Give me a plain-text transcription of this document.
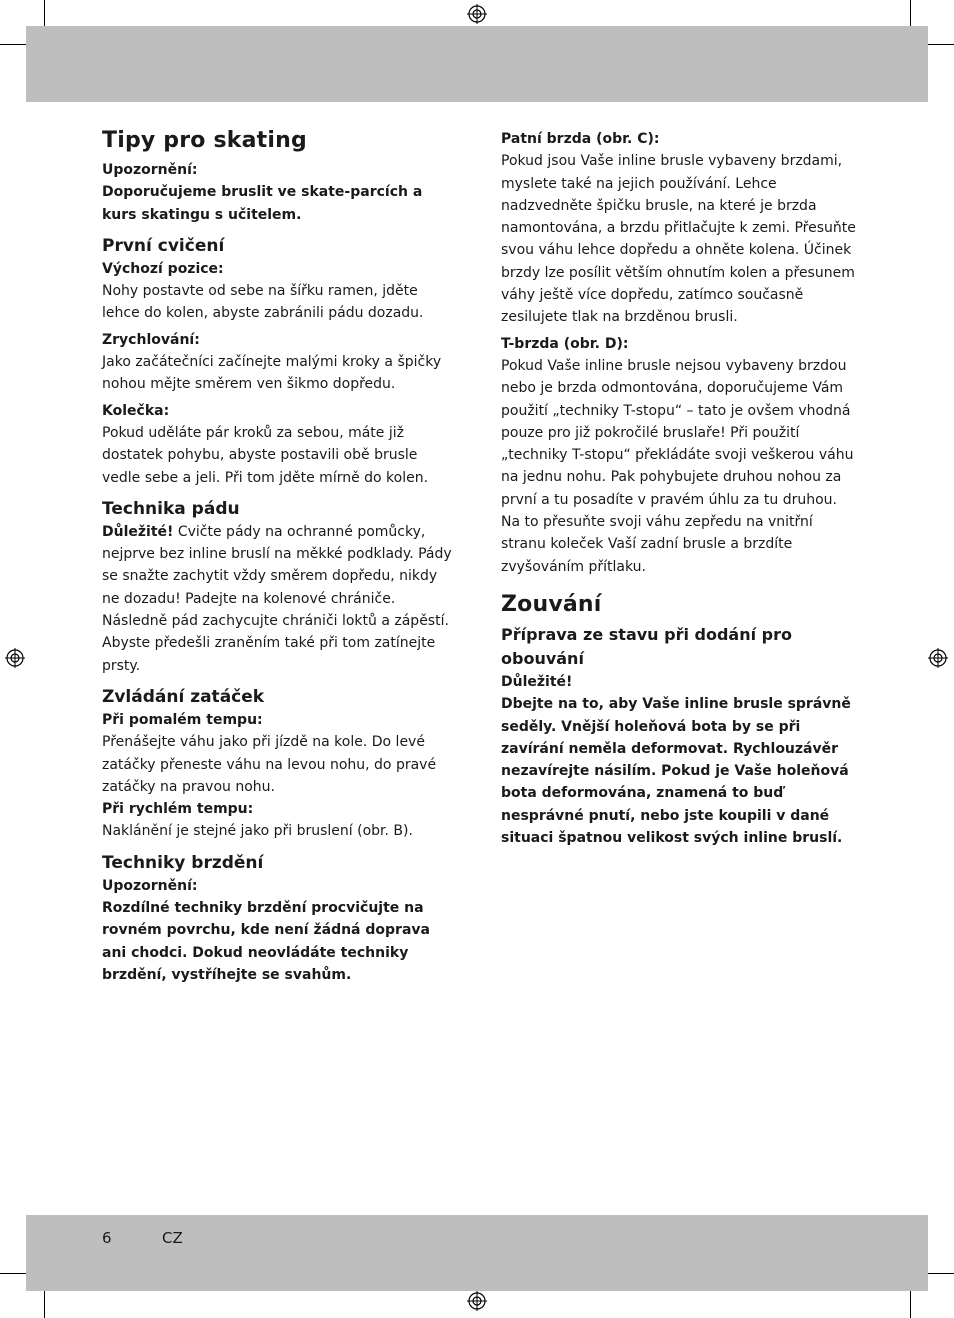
Tipy pro skating
Upozornění:
Doporučujeme bruslit ve skate-parcích a kurs skatingu s učitelem.
První cvičení
Výchozí pozice:
Nohy postavte od sebe na šířku ramen, jděte lehce do kolen, abyste zabránili pádu dozadu.
Zrychlování:
Jako začátečníci začínejte malými kroky a špičky nohou mějte směrem ven šikmo dopředu.
Kolečka:
Pokud uděláte pár kroků za sebou, máte již dostatek pohybu, abyste postavili obě brusle vedle sebe a jeli. Při tom jděte mírně do kolen.
Technika pádu
Důležité! Cvičte pády na ochranné pomůcky, nejprve bez inline bruslí na měkké podklady. Pády se snažte zachytit vždy směrem dopředu, nikdy ne dozadu! Padejte na kolenové chrániče. Následně pád zachycujte chrániči loktů a zápěstí. Abyste předešli zraněním také při tom zatínejte prsty.
Zvládání zatáček
Při pomalém tempu:
Přenášejte váhu jako při jízdě na kole. Do levé zatáčky přeneste váhu na levou nohu, do pravé zatáčky na pravou nohu.
Při rychlém tempu:
Naklánění je stejné jako při bruslení (obr. B).
Techniky brzdění
Upozornění:
Rozdílné techniky brzdění procvičujte na rovném povrchu, kde není žádná doprava ani chodci. Dokud neovládáte techniky brzdění, vystříhejte se svahům.
Patní brzda (obr. C):
Pokud jsou Vaše inline brusle vybaveny brzdami, myslete také na jejich používání. Lehce nadzvedněte špičku brusle, na které je brzda namontována, a brzdu přitlačujte k zemi. Přesuňte svou váhu lehce dopředu a ohněte kolena. Účinek brzdy lze posílit větším ohnutím kolen a přesunem váhy ještě více dopředu, zatímco současně zesilujete tlak na brzděnou brusli.
T-brzda (obr. D):
Pokud Vaše inline brusle nejsou vybaveny brzdou nebo je brzda odmontována, doporučujeme Vám použití „techniky T-stopu“ – tato je ovšem vhodná pouze pro již pokročilé bruslaře! Při použití „techniky T-stopu“ překládáte svoji veškerou váhu na jednu nohu. Pak pohybujete druhou nohou za první a tu posadíte v pravém úhlu za tu druhou.
Na to přesuňte svoji váhu zepředu na vnitřní stranu koleček Vaší zadní brusle a brzdíte zvyšováním přítlaku.
Zouvání
Příprava ze stavu při dodání pro obouvání
Důležité!
Dbejte na to, aby Vaše inline brusle správně seděly. Vnější holeňová bota by se při zavírání neměla deformovat. Rychlouzávěr nezavírejte násilím. Pokud je Vaše holeňová bota deformována, znamená to buď nesprávné pnutí, nebo jste koupili v dané situaci špatnou velikost svých inline bruslí.
6	CZ
